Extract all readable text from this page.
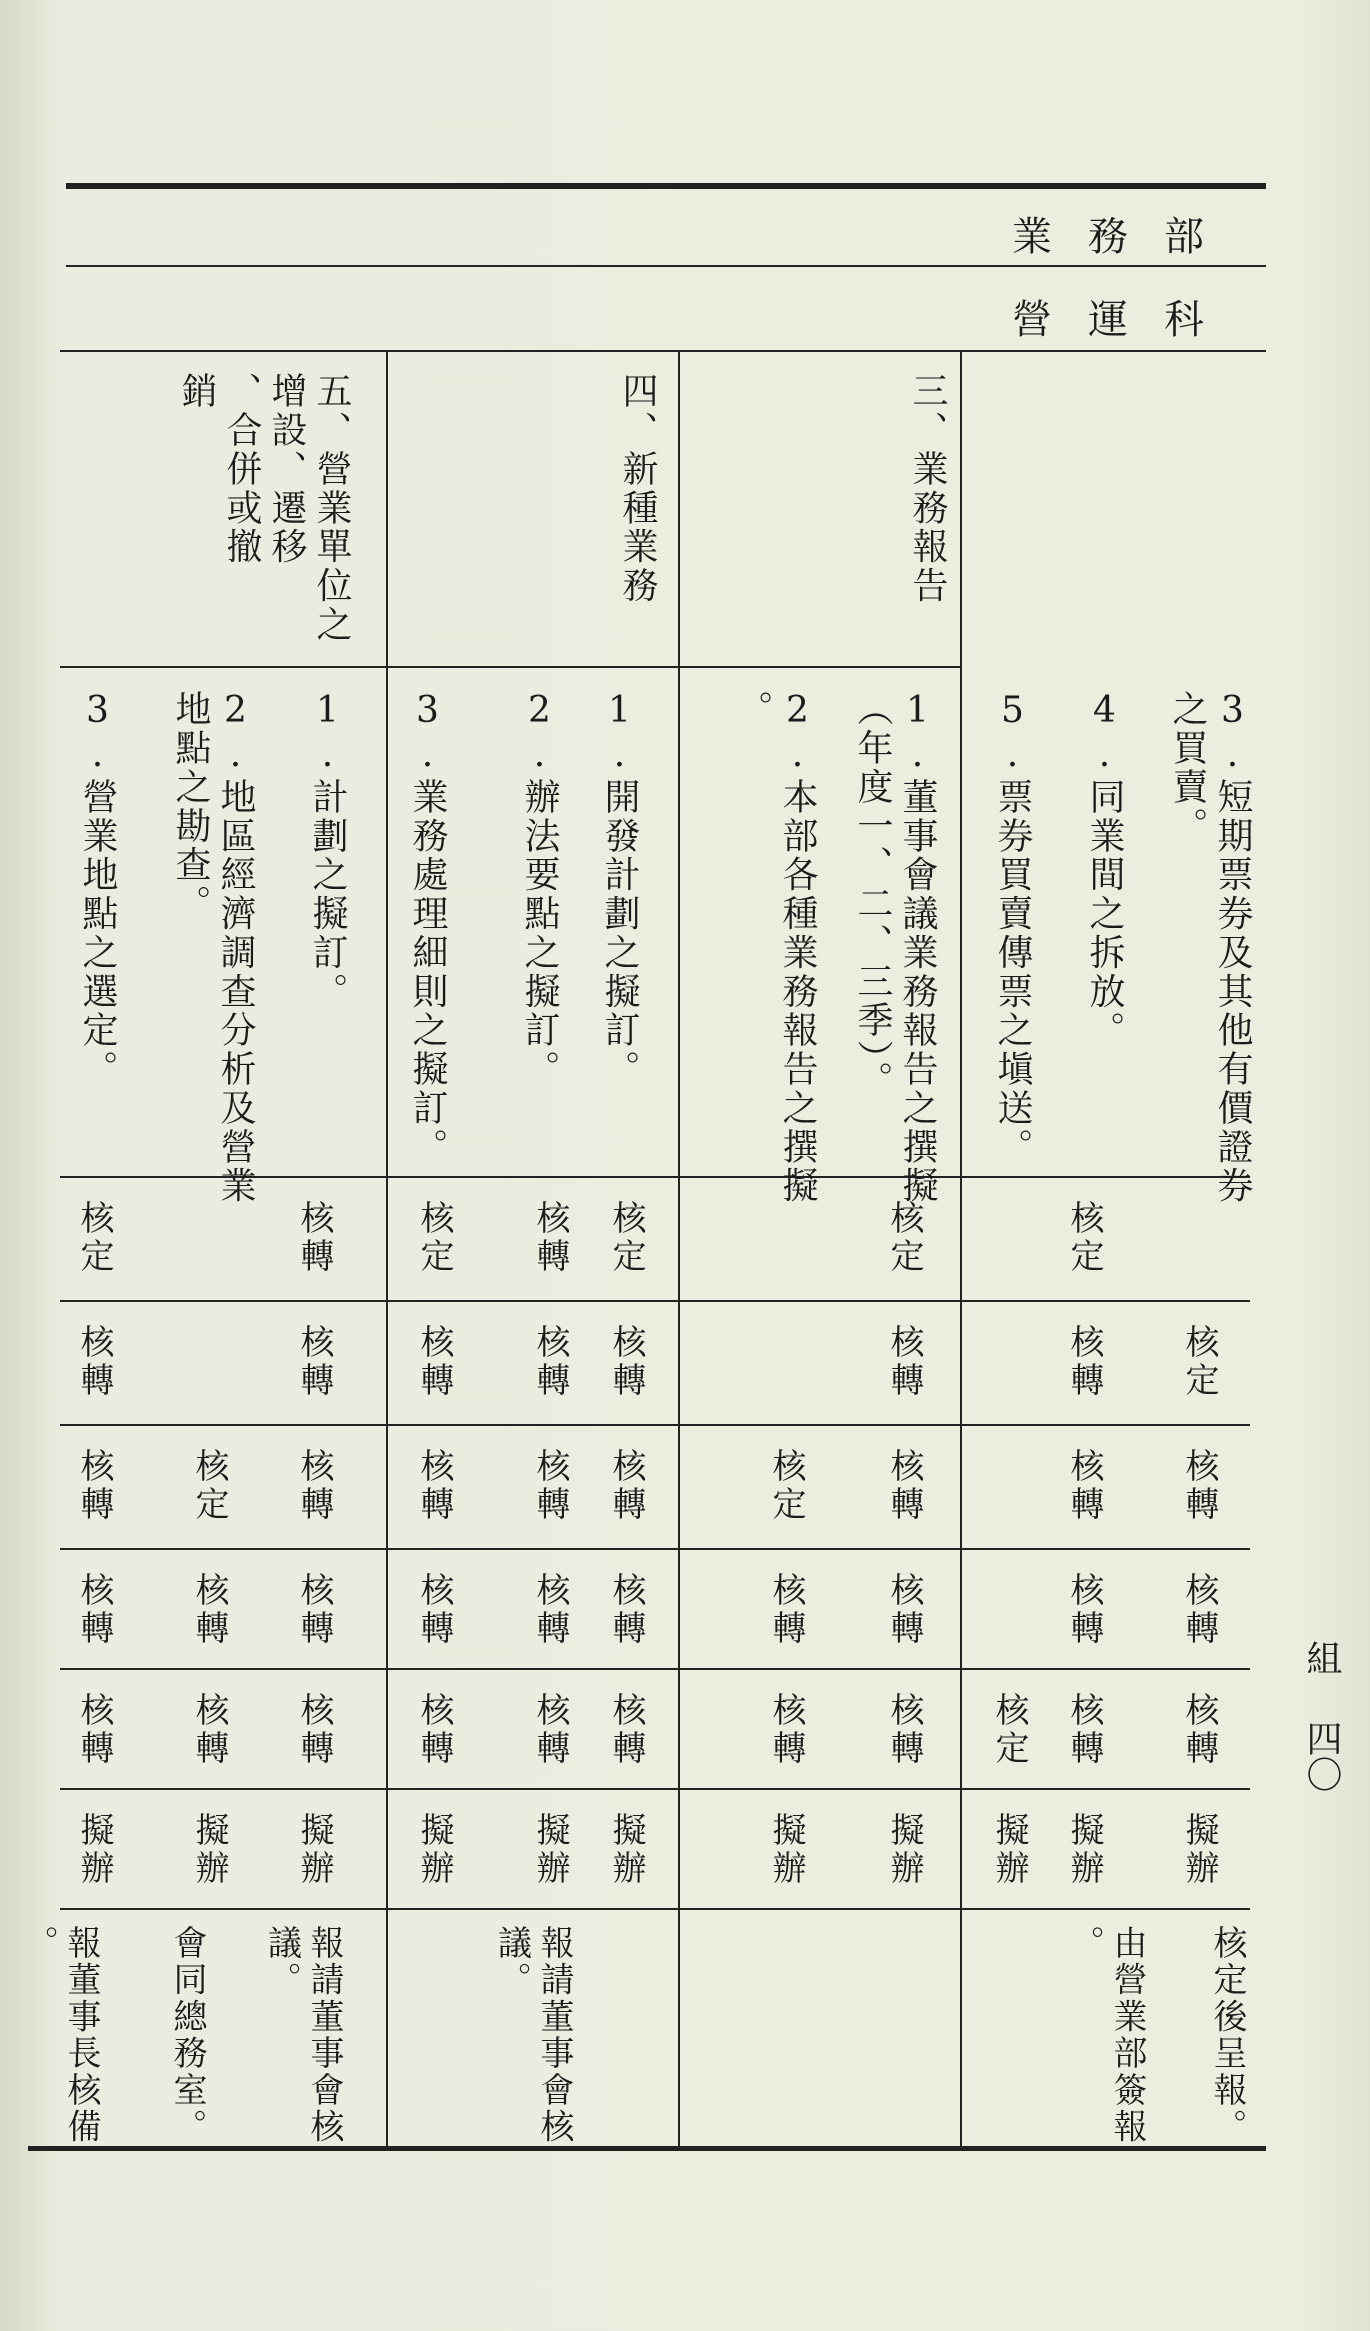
業務部
營運科
五、營業單位之
增設、遷移
、合併或撤
銷	四、新種業務	三、業務報告
3.短期票券及其他有價證券
之買賣。
4.同業間之拆放。
5.票券買賣傳票之塡送。
1.董事會議業務報告之撰擬
（年度一、二、三季）。
2.本部各種業務報告之撰擬
。
1.開發計劃之擬訂。
2.辦法要點之擬訂。
3.業務處理細則之擬訂。
1.計劃之擬訂。
2.地區經濟調查分析及營業
地點之勘查。
3.營業地點之選定。
核定
核轉
核轉
核轉
擬辦
核定
核轉
核轉
核轉
核轉
擬辦
核定
擬辦
核定
核轉
核轉
核轉
核轉
擬辦
核定
核轉
核轉
擬辦
核定
核轉
核轉
核轉
核轉
擬辦
核轉
核轉
核轉
核轉
核轉
擬辦
核定
核轉
核轉
核轉
核轉
擬辦
核轉
核轉
核轉
核轉
核轉
擬辦
核定
核轉
核轉
擬辦
核定
核轉
核轉
核轉
核轉
擬辦
核定後呈報。
由營業部簽報
。
報請董事會核
議。
報請董事會核
議。
會同總務室。
報董事長核備
。
組
四〇
